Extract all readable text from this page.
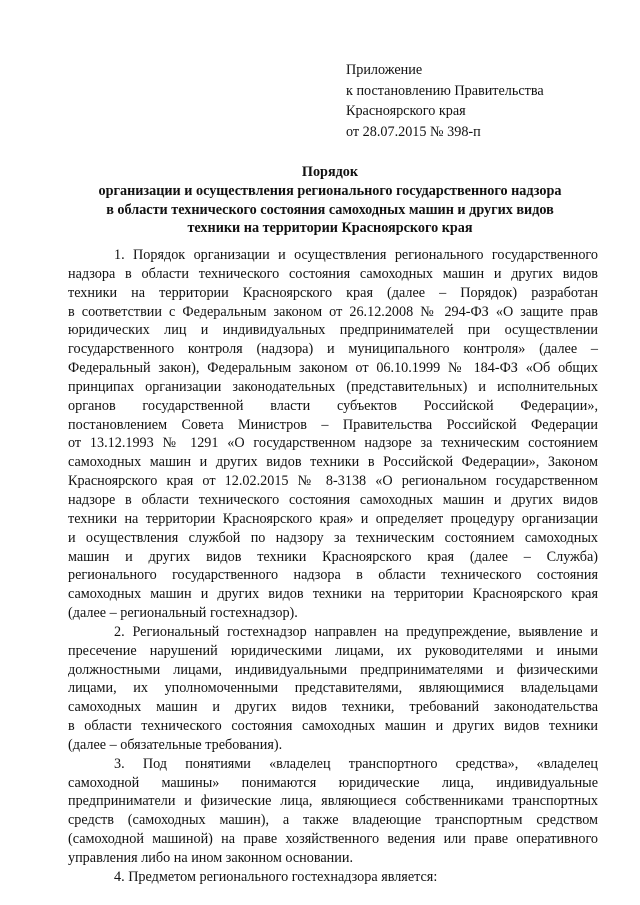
Приложение
к постановлению Правительства
Красноярского края
от 28.07.2015 № 398-п
Порядок
организации и осуществления регионального государственного надзора
в области технического состояния самоходных машин и других видов
техники на территории Красноярского края
1. Порядок организации и осуществления регионального государственного
надзора в области технического состояния самоходных машин и других видов
техники на территории Красноярского края (далее – Порядок) разработан
в соответствии с Федеральным законом от 26.12.2008 № 294-ФЗ «О защите прав
юридических лиц и индивидуальных предпринимателей при осуществлении
государственного контроля (надзора) и муниципального контроля» (далее –
Федеральный закон), Федеральным законом от 06.10.1999 № 184-ФЗ «Об общих
принципах организации законодательных (представительных) и исполнительных
органов государственной власти субъектов Российской Федерации»,
постановлением Совета Министров – Правительства Российской Федерации
от 13.12.1993 № 1291 «О государственном надзоре за техническим состоянием
самоходных машин и других видов техники в Российской Федерации», Законом
Красноярского края от 12.02.2015 № 8-3138 «О региональном государственном
надзоре в области технического состояния самоходных машин и других видов
техники на территории Красноярского края» и определяет процедуру организации
и осуществления службой по надзору за техническим состоянием самоходных
машин и других видов техники Красноярского края (далее – Служба)
регионального государственного надзора в области технического состояния
самоходных машин и других видов техники на территории Красноярского края
(далее – региональный гостехнадзор).
2. Региональный гостехнадзор направлен на предупреждение, выявление и
пресечение нарушений юридическими лицами, их руководителями и иными
должностными лицами, индивидуальными предпринимателями и физическими
лицами, их уполномоченными представителями, являющимися владельцами
самоходных машин и других видов техники, требований законодательства
в области технического состояния самоходных машин и других видов техники
(далее – обязательные требования).
3. Под понятиями «владелец транспортного средства», «владелец
самоходной машины» понимаются юридические лица, индивидуальные
предприниматели и физические лица, являющиеся собственниками транспортных
средств (самоходных машин), а также владеющие транспортным средством
(самоходной машиной) на праве хозяйственного ведения или праве оперативного
управления либо на ином законном основании.
4. Предметом регионального гостехнадзора является:
